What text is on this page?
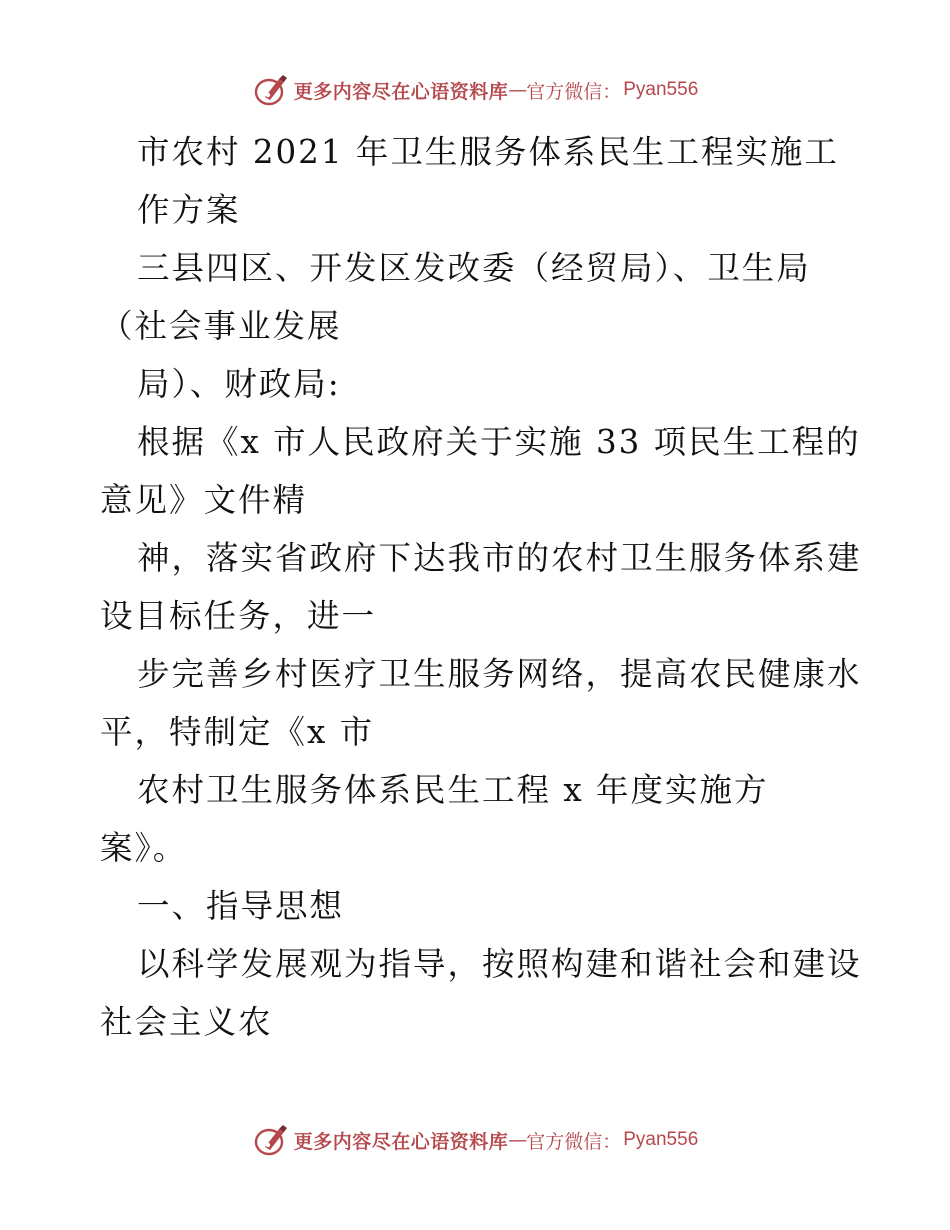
更多内容尽在心语资料库 — 官方微信： Pyan556
市农村 2021 年卫生服务体系民生工程实施工
作方案
三县四区、开发区发改委（经贸局）、卫生局
（社会事业发展
局）、财政局:
根据《x 市人民政府关于实施 33 项民生工程的
意见》文件精
神，落实省政府下达我市的农村卫生服务体系建
设目标任务，进一
步完善乡村医疗卫生服务网络，提高农民健康水
平，特制定《x 市
农村卫生服务体系民生工程 x 年度实施方
案》。
一、指导思想
以科学发展观为指导，按照构建和谐社会和建设
社会主义农
更多内容尽在心语资料库 — 官方微信： Pyan556
